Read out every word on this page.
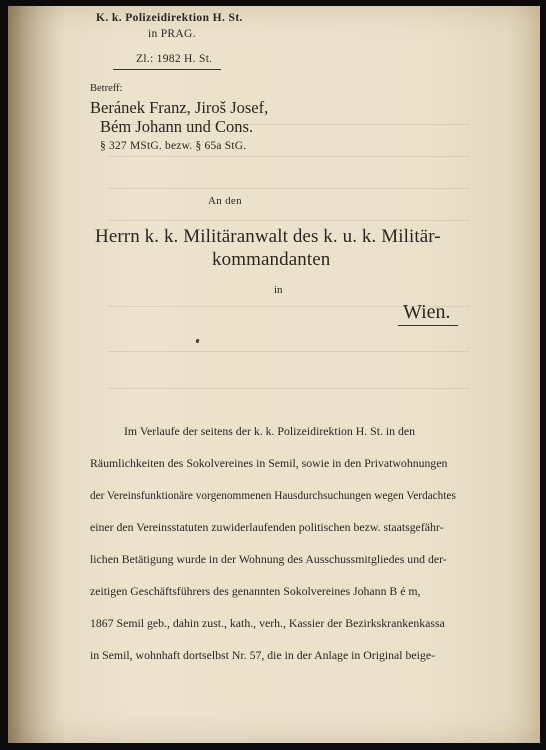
K. k. Polizeidirektion H. St.
in PRAG.
Zl.: 1982 H. St.
Betreff:
Beránek Franz, Jiroš Josef,
Bém Johann und Cons.
§ 327 MStG. bezw. § 65a StG.
An den
Herrn k. k. Militäranwalt des k. u. k. Militär-
kommandanten
in
Wien.
Im Verlaufe der seitens der k. k. Polizeidirektion H. St. in den
Räumlichkeiten des Sokolvereines in Semil, sowie in den Privatwohnungen
der Vereinsfunktionäre vorgenommenen Hausdurchsuchungen wegen Verdachtes
einer den Vereinsstatuten zuwiderlaufenden politischen bezw. staatsgefähr-
lichen Betätigung wurde in der Wohnung des Ausschussmitgliedes und der-
zeitigen Geschäftsführers des genannten Sokolvereines Johann B é m,
1867 Semil geb., dahin zust., kath., verh., Kassier der Bezirkskrankenkassa
in Semil, wohnhaft dortselbst Nr. 57, die in der Anlage in Original beige-
